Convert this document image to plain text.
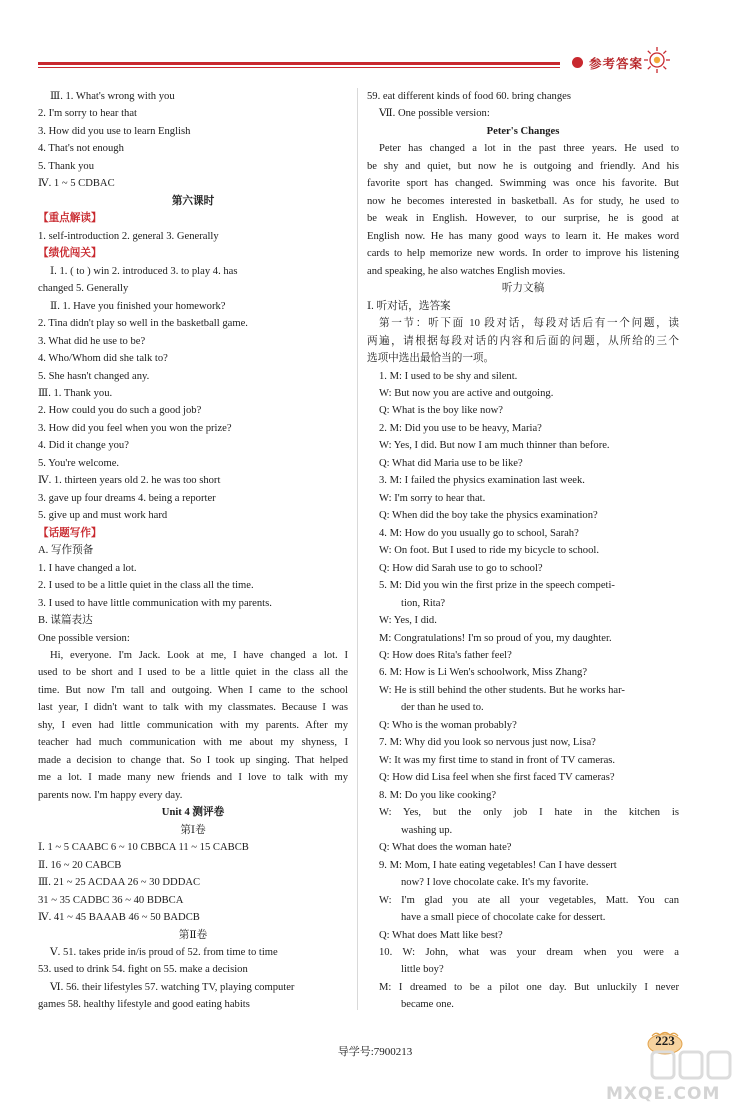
参考答案
Ⅲ. 1. What's wrong with you
2. I'm sorry to hear that
3. How did you use to learn English
4. That's not enough
5. Thank you
Ⅳ. 1 ~ 5 CDBAC
第六课时
【重点解读】
1. self-introduction 2. general 3. Generally
【绩优闯关】
Ⅰ. 1. ( to ) win 2. introduced 3. to play 4. has
changed 5. Generally
Ⅱ. 1. Have you finished your homework?
2. Tina didn't play so well in the basketball game.
3. What did he use to be?
4. Who/Whom did she talk to?
5. She hasn't changed any.
Ⅲ. 1. Thank you.
2. How could you do such a good job?
3. How did you feel when you won the prize?
4. Did it change you?
5. You're welcome.
Ⅳ. 1. thirteen years old 2. he was too short
3. gave up four dreams 4. being a reporter
5. give up and must work hard
【话题写作】
A. 写作预备
1. I have changed a lot.
2. I used to be a little quiet in the class all the time.
3. I used to have little communication with my parents.
B. 谋篇表达
One possible version:
Hi, everyone. I'm Jack. Look at me, I have changed a lot. I
used to be short and I used to be a little quiet in the class all the
time. But now I'm tall and outgoing. When I came to the school
last year, I didn't want to talk with my classmates. Because I was
shy, I even had little communication with my parents. After my
teacher had much communication with me about my shyness, I
made a decision to change that. So I took up singing. That helped
me a lot. I made many new friends and I love to talk with my
parents now. I'm happy every day.
Unit 4 测评卷
第Ⅰ卷
Ⅰ. 1 ~ 5 CAABC 6 ~ 10 CBBCA 11 ~ 15 CABCB
Ⅱ. 16 ~ 20 CABCB
Ⅲ. 21 ~ 25 ACDAA 26 ~ 30 DDDAC
31 ~ 35 CADBC 36 ~ 40 BDBCA
Ⅳ. 41 ~ 45 BAAAB 46 ~ 50 BADCB
第Ⅱ卷
Ⅴ. 51. takes pride in/is proud of 52. from time to time
53. used to drink 54. fight on 55. make a decision
Ⅵ. 56. their lifestyles 57. watching TV, playing computer
games 58. healthy lifestyle and good eating habits
59. eat different kinds of food 60. bring changes
Ⅶ. One possible version:
Peter's Changes
Peter has changed a lot in the past three years. He used to
be shy and quiet, but now he is outgoing and friendly. And his
favorite sport has changed. Swimming was once his favorite. But
now he becomes interested in basketball. As for study, he used to
be weak in English. However, to our surprise, he is good at
English now. He has many good ways to learn it. He makes word
cards to help memorize new words. In order to improve his listening
and speaking, he also watches English movies.
听力文稿
Ⅰ. 听对话，选答案
第一节：听下面 10 段对话，每段对话后有一个问题，读
两遍，请根据每段对话的内容和后面的问题，从所给的三个
选项中选出最恰当的一项。
1. M: I used to be shy and silent.
W: But now you are active and outgoing.
Q: What is the boy like now?
2. M: Did you use to be heavy, Maria?
W: Yes, I did. But now I am much thinner than before.
Q: What did Maria use to be like?
3. M: I failed the physics examination last week.
W: I'm sorry to hear that.
Q: When did the boy take the physics examination?
4. M: How do you usually go to school, Sarah?
W: On foot. But I used to ride my bicycle to school.
Q: How did Sarah use to go to school?
5. M: Did you win the first prize in the speech competi-
tion, Rita?
W: Yes, I did.
M: Congratulations! I'm so proud of you, my daughter.
Q: How does Rita's father feel?
6. M: How is Li Wen's schoolwork, Miss Zhang?
W: He is still behind the other students. But he works har-
der than he used to.
Q: Who is the woman probably?
7. M: Why did you look so nervous just now, Lisa?
W: It was my first time to stand in front of TV cameras.
Q: How did Lisa feel when she first faced TV cameras?
8. M: Do you like cooking?
W: Yes, but the only job I hate in the kitchen is
washing up.
Q: What does the woman hate?
9. M: Mom, I hate eating vegetables! Can I have dessert
now? I love chocolate cake. It's my favorite.
W: I'm glad you ate all your vegetables, Matt. You can
have a small piece of chocolate cake for dessert.
Q: What does Matt like best?
10. W: John, what was your dream when you were a
little boy?
M: I dreamed to be a pilot one day. But unluckily I never
became one.
导学号:7900213
223
MXQE.COM
